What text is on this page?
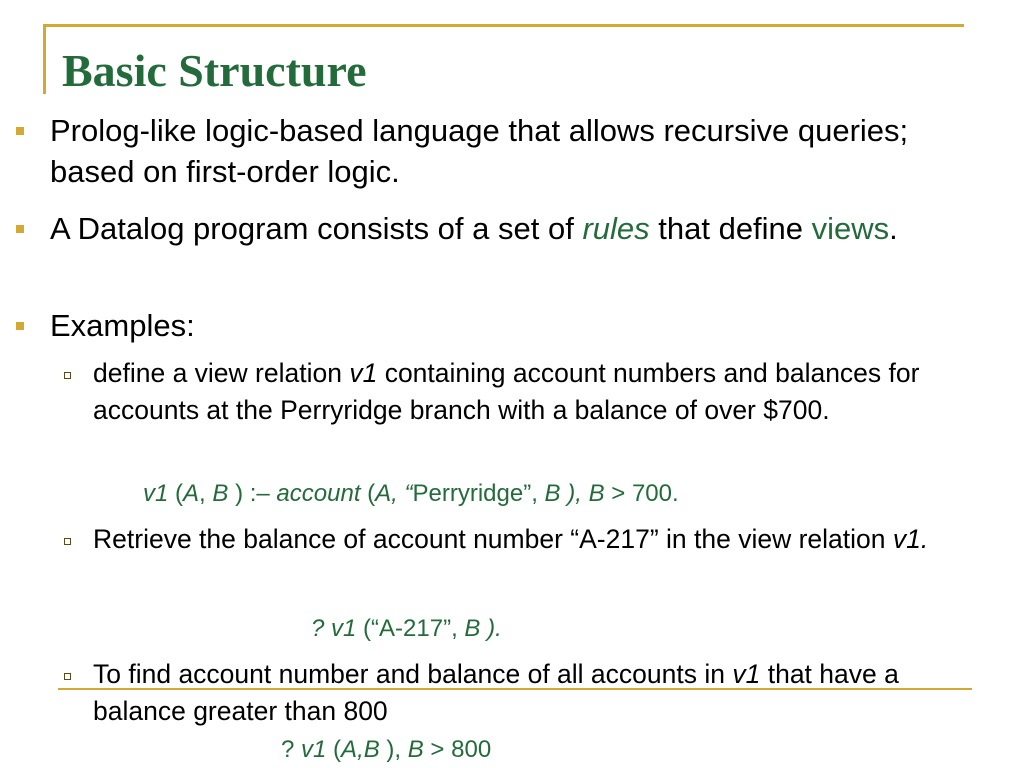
Basic Structure
Prolog-like logic-based language that allows recursive queries; based on first-order logic.
A Datalog program consists of a set of rules that define views.
Examples:
define a view relation v1 containing account numbers and balances for accounts at the Perryridge branch with a balance of over $700.
v1 (A, B ) :– account (A, “Perryridge”, B ), B > 700.
Retrieve the balance of account number “A-217” in the view relation v1.
? v1 (“A-217”, B ).
To find account number and balance of all accounts in v1 that have a balance greater than 800
? v1 (A,B ), B > 800
